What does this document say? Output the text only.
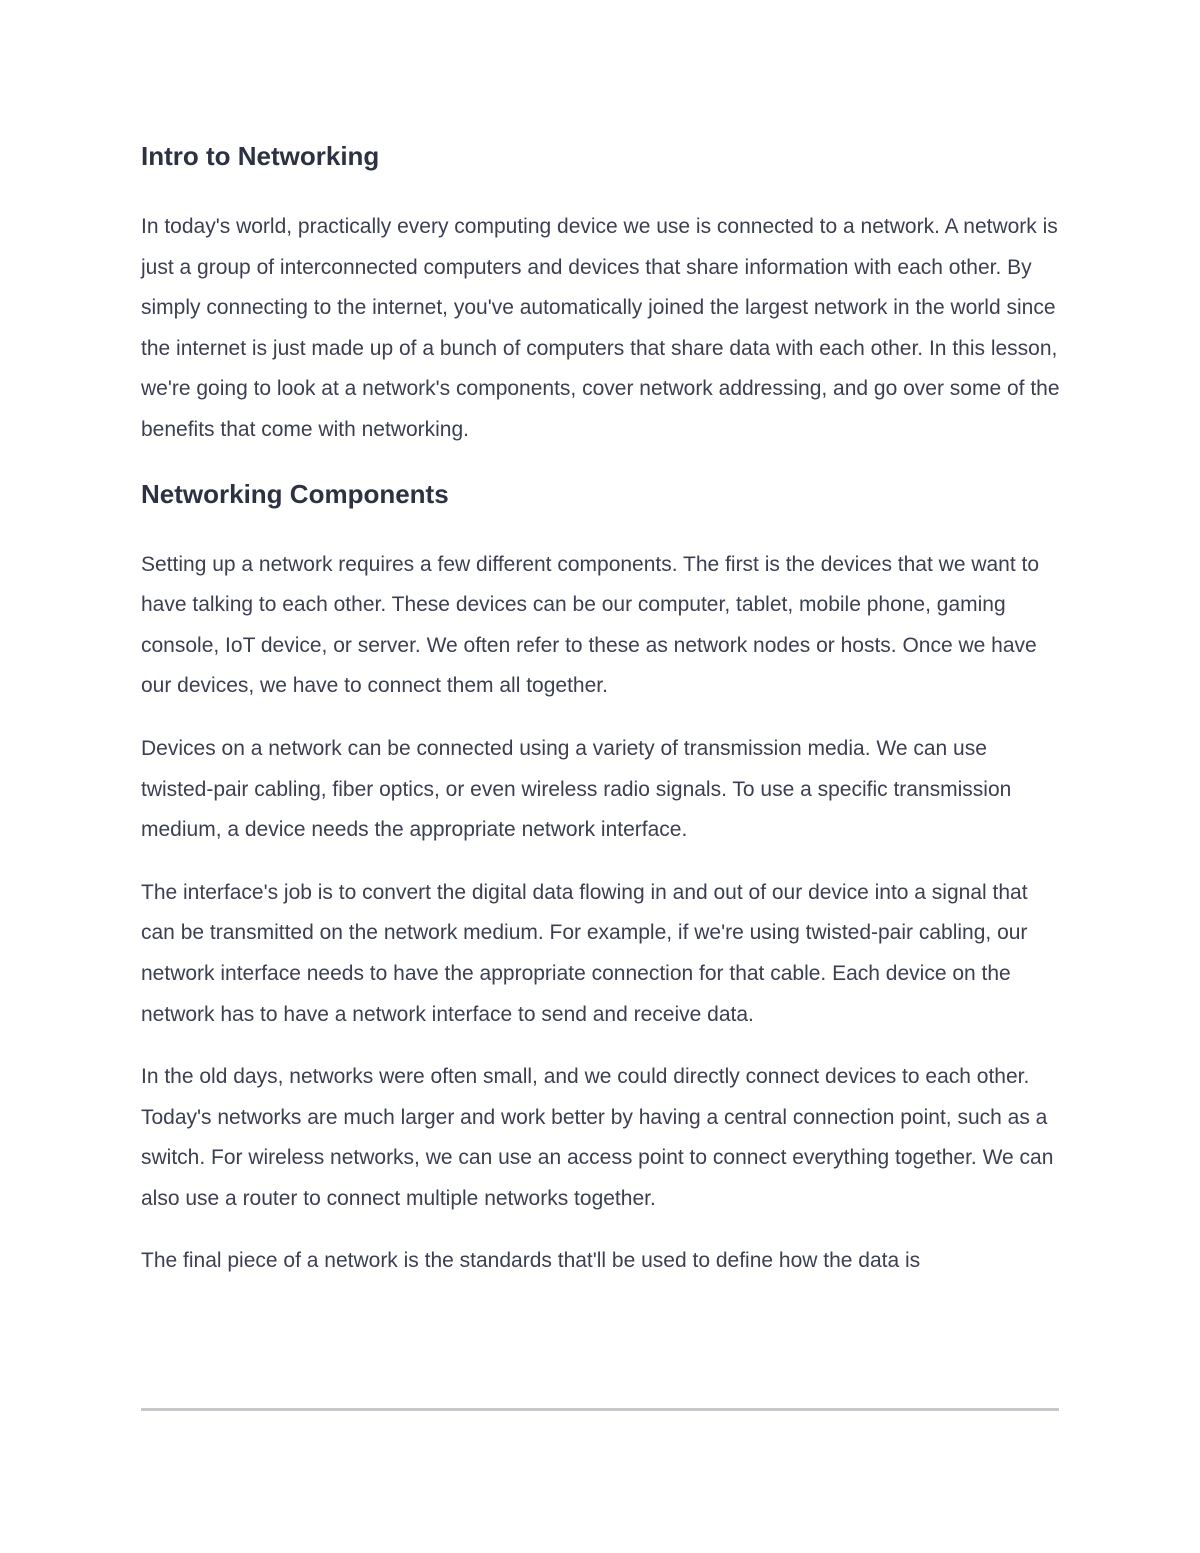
Intro to Networking

In today's world, practically every computing device we use is connected to a network. A network is just a group of interconnected computers and devices that share information with each other. By simply connecting to the internet, you've automatically joined the largest network in the world since the internet is just made up of a bunch of computers that share data with each other. In this lesson, we're going to look at a network's components, cover network addressing, and go over some of the benefits that come with networking.

Networking Components

Setting up a network requires a few different components. The first is the devices that we want to have talking to each other. These devices can be our computer, tablet, mobile phone, gaming console, IoT device, or server. We often refer to these as network nodes or hosts. Once we have our devices, we have to connect them all together.

Devices on a network can be connected using a variety of transmission media. We can use twisted-pair cabling, fiber optics, or even wireless radio signals. To use a specific transmission medium, a device needs the appropriate network interface.

The interface's job is to convert the digital data flowing in and out of our device into a signal that can be transmitted on the network medium. For example, if we're using twisted-pair cabling, our network interface needs to have the appropriate connection for that cable. Each device on the network has to have a network interface to send and receive data.

In the old days, networks were often small, and we could directly connect devices to each other. Today's networks are much larger and work better by having a central connection point, such as a switch. For wireless networks, we can use an access point to connect everything together. We can also use a router to connect multiple networks together.

The final piece of a network is the standards that'll be used to define how the data is
